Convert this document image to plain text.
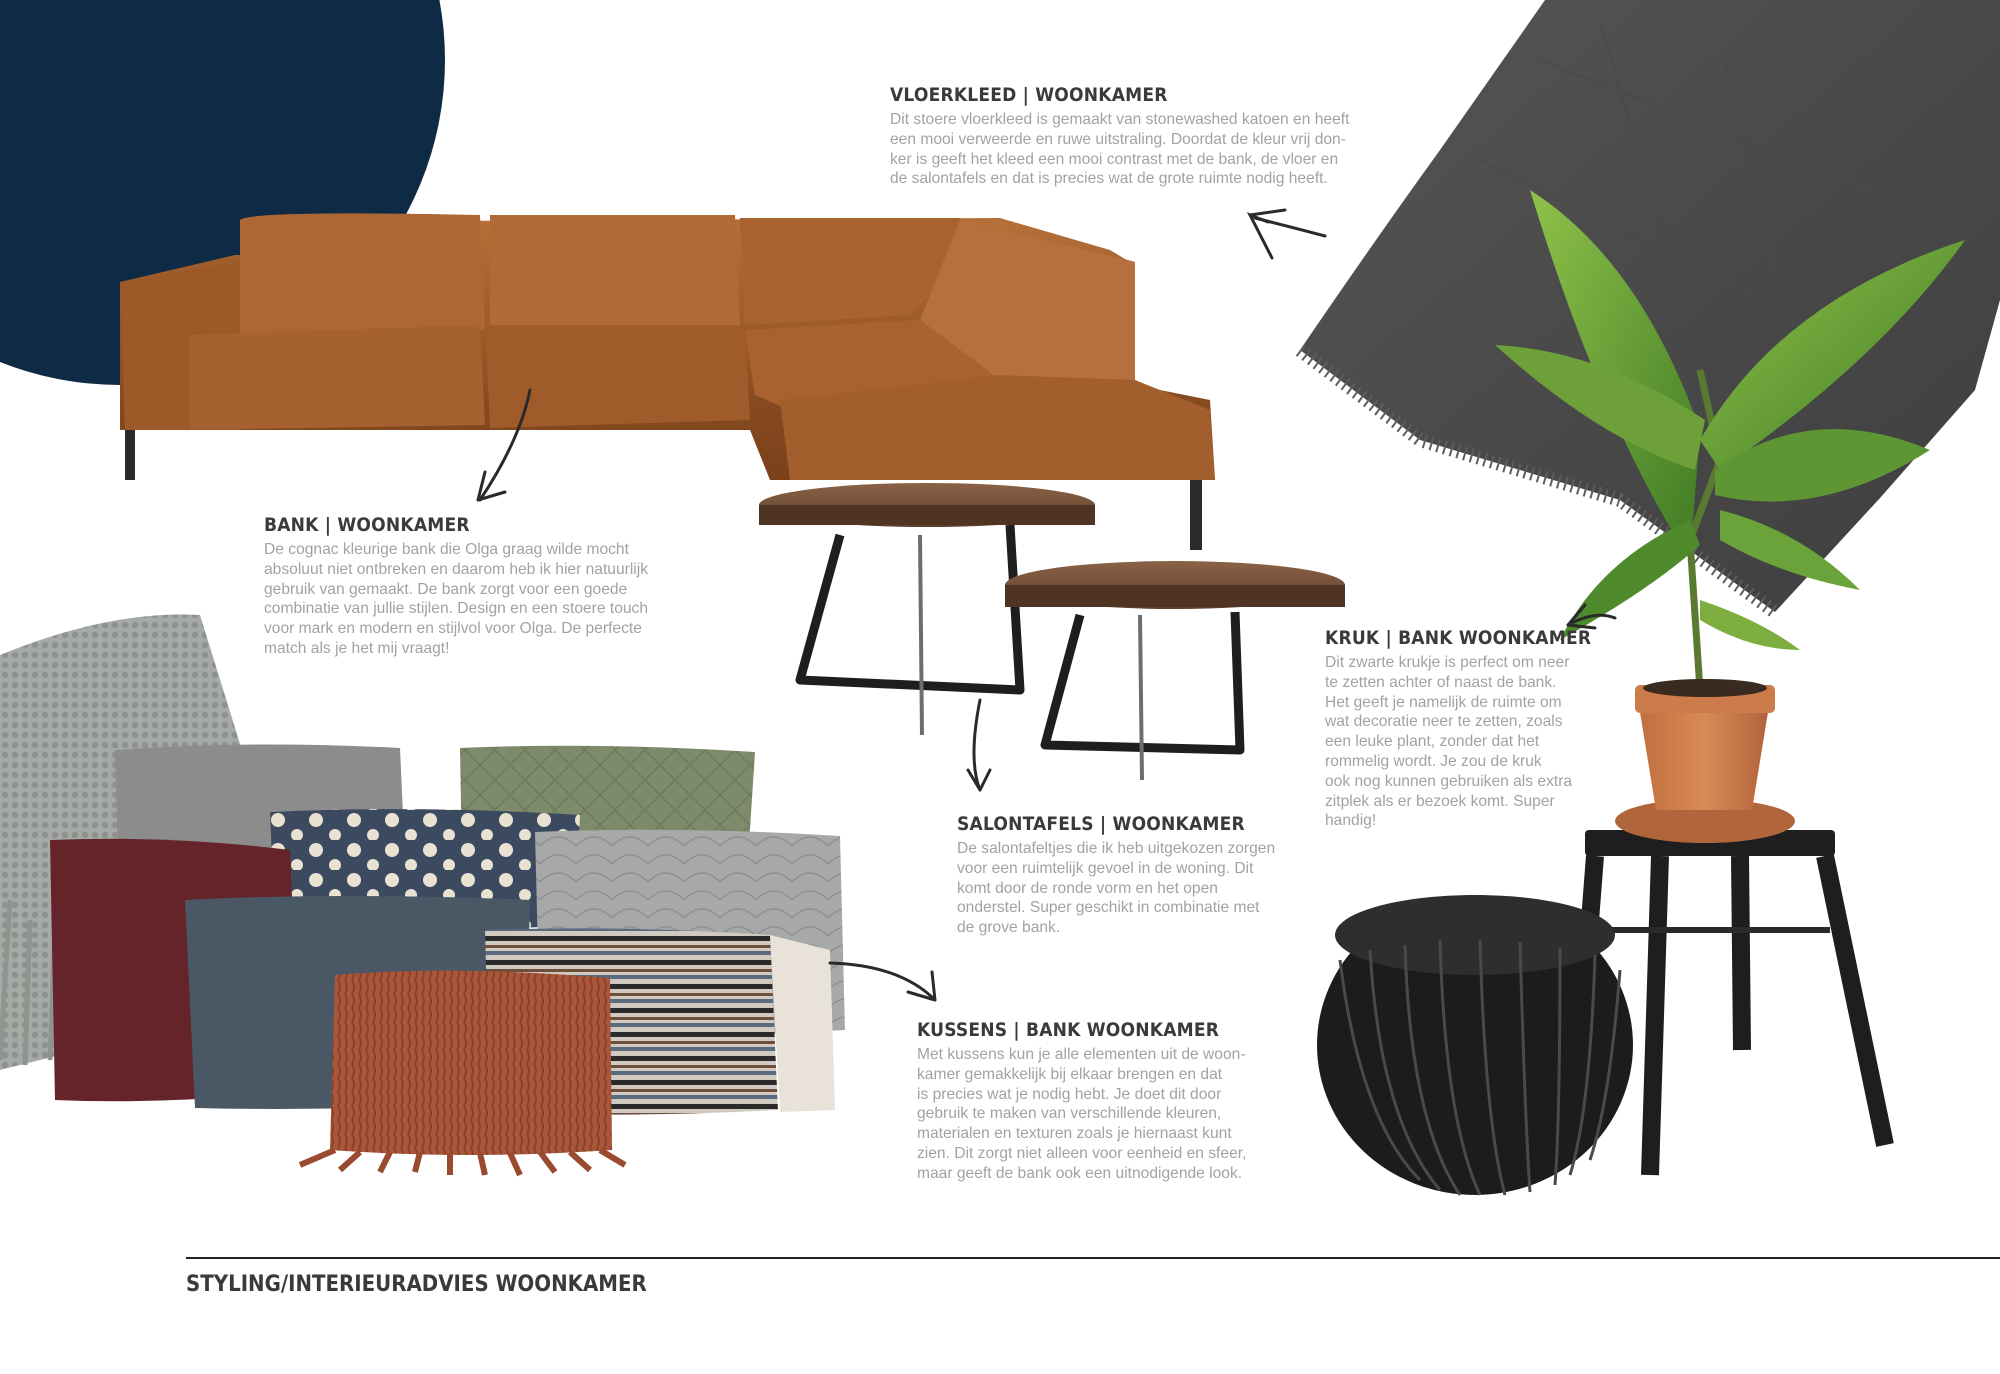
VLOERKLEED | WOONKAMER
Dit stoere vloerkleed is gemaakt van stonewashed katoen en heeft
een mooi verweerde en ruwe uitstraling. Doordat de kleur vrij don-
ker is geeft het kleed een mooi contrast met de bank, de vloer en
de salontafels en dat is precies wat de grote ruimte nodig heeft.
BANK | WOONKAMER
De cognac kleurige bank die Olga graag wilde mocht
absoluut niet ontbreken en daarom heb ik hier natuurlijk
gebruik van gemaakt. De bank zorgt voor een goede
combinatie van jullie stijlen. Design en een stoere touch
voor mark en modern en stijlvol voor Olga. De perfecte
match als je het mij vraagt!	KRUK | BANK WOONKAMER
Dit zwarte krukje is perfect om neer
te zetten achter of naast de bank.
Het geeft je namelijk de ruimte om
wat decoratie neer te zetten, zoals
een leuke plant, zonder dat het
rommelig wordt. Je zou de kruk
ook nog kunnen gebruiken als extra
zitplek als er bezoek komt. Super
handig!
SALONTAFELS | WOONKAMER
De salontafeltjes die ik heb uitgekozen zorgen
voor een ruimtelijk gevoel in de woning. Dit
komt door de ronde vorm en het open
onderstel. Super geschikt in combinatie met
de grove bank.
KUSSENS | BANK WOONKAMER
Met kussens kun je alle elementen uit de woon-
kamer gemakkelijk bij elkaar brengen en dat
is precies wat je nodig hebt. Je doet dit door
gebruik te maken van verschillende kleuren,
materialen en texturen zoals je hiernaast kunt
zien. Dit zorgt niet alleen voor eenheid en sfeer,
maar geeft de bank ook een uitnodigende look.
STYLING/INTERIEURADVIES WOONKAMER
